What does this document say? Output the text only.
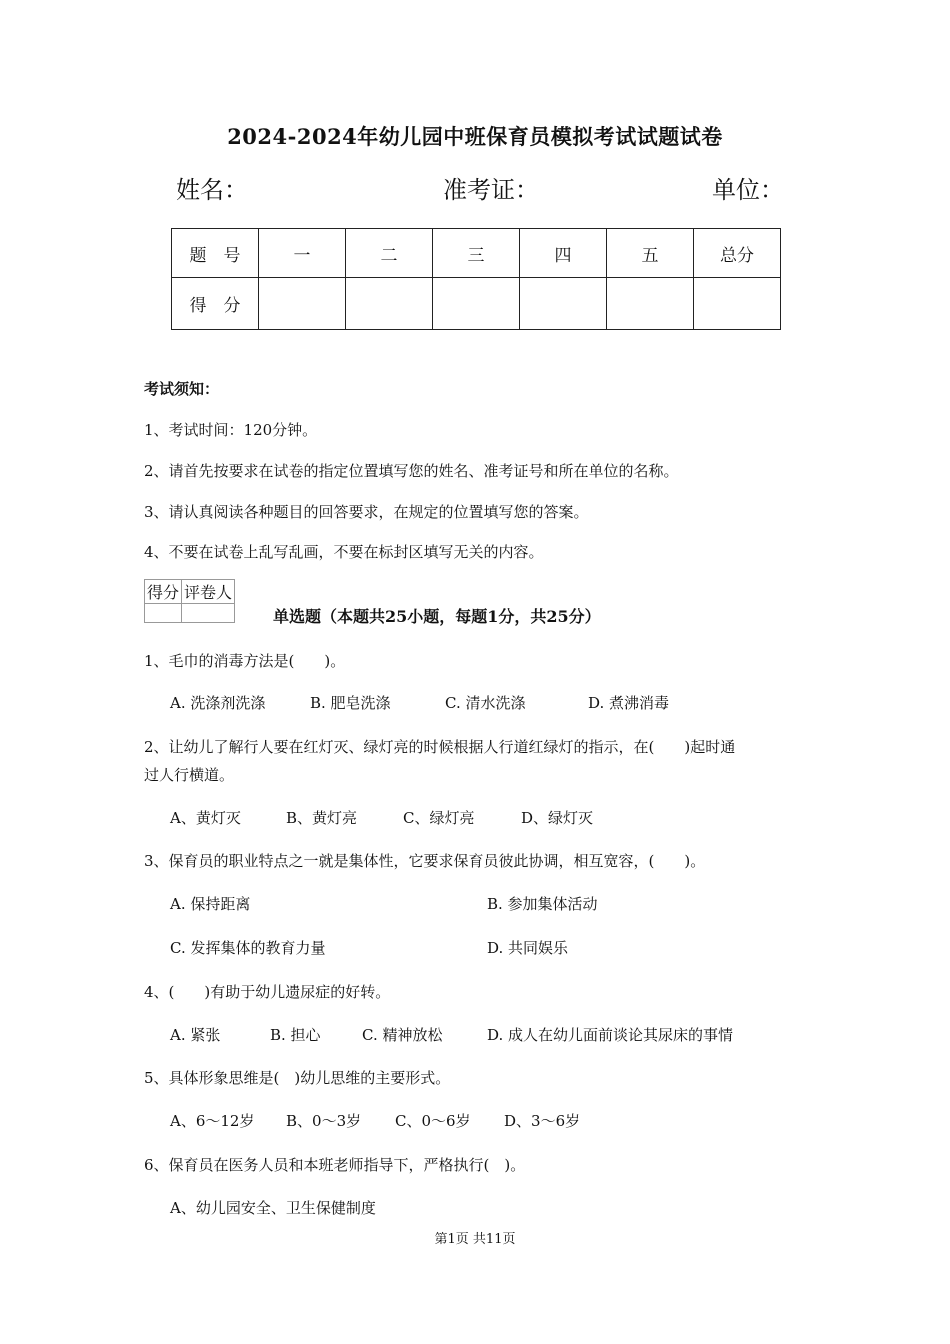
2024-2024年幼儿园中班保育员模拟考试试题试卷
姓名：	准考证：	单位：
题　号	一	二	三	四	五	总分
得　分						
考试须知：
1、考试时间：120分钟。
2、请首先按要求在试卷的指定位置填写您的姓名、准考证号和所在单位的名称。
3、请认真阅读各种题目的回答要求，在规定的位置填写您的答案。
4、不要在试卷上乱写乱画，不要在标封区填写无关的内容。
得分	评卷人

单选题（本题共25小题，每题1分，共25分）
1、毛巾的消毒方法是(　　)。
A. 洗涤剂洗涤	B. 肥皂洗涤	C. 清水洗涤	D. 煮沸消毒
2、让幼儿了解行人要在红灯灭、绿灯亮的时候根据人行道红绿灯的指示，在(　　)起时通
过人行横道。
A、黄灯灭	B、黄灯亮	C、绿灯亮	D、绿灯灭
3、保育员的职业特点之一就是集体性，它要求保育员彼此协调，相互宽容，(　　)。
A. 保持距离	B. 参加集体活动
C. 发挥集体的教育力量	D. 共同娱乐
4、(　　)有助于幼儿遗尿症的好转。
A. 紧张	B. 担心	C. 精神放松	D. 成人在幼儿面前谈论其尿床的事情
5、具体形象思维是(　)幼儿思维的主要形式。
A、6～12岁 B、0～3岁 C、0～6岁 D、3～6岁
6、保育员在医务人员和本班老师指导下，严格执行(　)。
A、幼儿园安全、卫生保健制度
第1页 共11页
